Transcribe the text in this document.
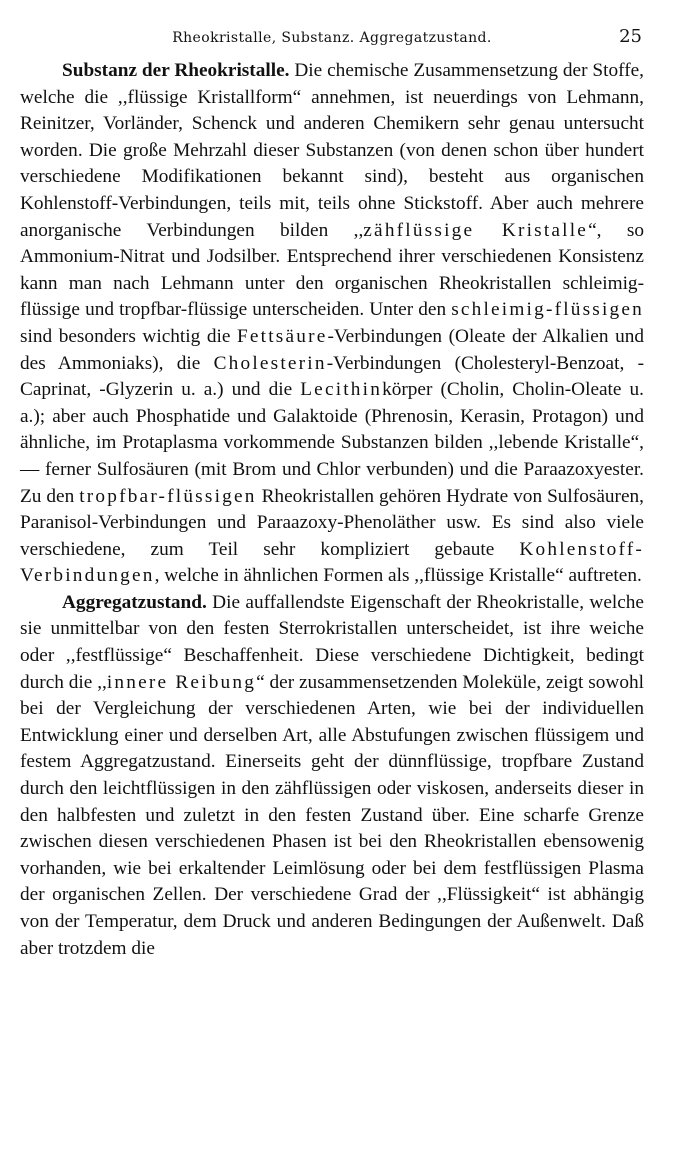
Rheokristalle, Substanz. Aggregatzustand.	25

Substanz der Rheokristalle. Die chemische Zusammensetzung der Stoffe, welche die ,,flüssige Kristallform“ annehmen, ist neuerdings von Lehmann, Reinitzer, Vorländer, Schenck und anderen Chemikern sehr genau untersucht worden. Die große Mehrzahl dieser Substanzen (von denen schon über hundert verschiedene Modifikationen bekannt sind), besteht aus organischen Kohlenstoff-Verbindungen, teils mit, teils ohne Stickstoff. Aber auch mehrere anorganische Verbindungen bilden ,,zähflüssige Kristalle“, so Ammonium-Nitrat und Jodsilber. Entsprechend ihrer verschiedenen Konsistenz kann man nach Lehmann unter den organischen Rheokristallen schleimig-flüssige und tropfbar-flüssige unterscheiden. Unter den schleimig-flüssigen sind besonders wichtig die Fettsäure-Verbindungen (Oleate der Alkalien und des Ammoniaks), die Cholesterin-Verbindungen (Cholesteryl-Benzoat, -Caprinat, -Glyzerin u. a.) und die Lecithinkörper (Cholin, Cholin-Oleate u. a.); aber auch Phosphatide und Galaktoide (Phrenosin, Kerasin, Protagon) und ähnliche, im Protaplasma vorkommende Substanzen bilden ,,lebende Kristalle“, — ferner Sulfosäuren (mit Brom und Chlor verbunden) und die Paraazoxyester. Zu den tropfbar-flüssigen Rheokristallen gehören Hydrate von Sulfosäuren, Paranisol-Verbindungen und Paraazoxy-Phenoläther usw. Es sind also viele verschiedene, zum Teil sehr kompliziert gebaute Kohlenstoff-Verbindungen, welche in ähnlichen Formen als ,,flüssige Kristalle“ auftreten.

Aggregatzustand. Die auffallendste Eigenschaft der Rheokristalle, welche sie unmittelbar von den festen Sterrokristallen unterscheidet, ist ihre weiche oder ,,festflüssige“ Beschaffenheit. Diese verschiedene Dichtigkeit, bedingt durch die ,,innere Reibung“ der zusammensetzenden Moleküle, zeigt sowohl bei der Vergleichung der verschiedenen Arten, wie bei der individuellen Entwicklung einer und derselben Art, alle Abstufungen zwischen flüssigem und festem Aggregatzustand. Einerseits geht der dünnflüssige, tropfbare Zustand durch den leichtflüssigen in den zähflüssigen oder viskosen, anderseits dieser in den halbfesten und zuletzt in den festen Zustand über. Eine scharfe Grenze zwischen diesen verschiedenen Phasen ist bei den Rheokristallen ebensowenig vorhanden, wie bei erkaltender Leimlösung oder bei dem festflüssigen Plasma der organischen Zellen. Der verschiedene Grad der ,,Flüssigkeit“ ist abhängig von der Temperatur, dem Druck und anderen Bedingungen der Außenwelt. Daß aber trotzdem die
